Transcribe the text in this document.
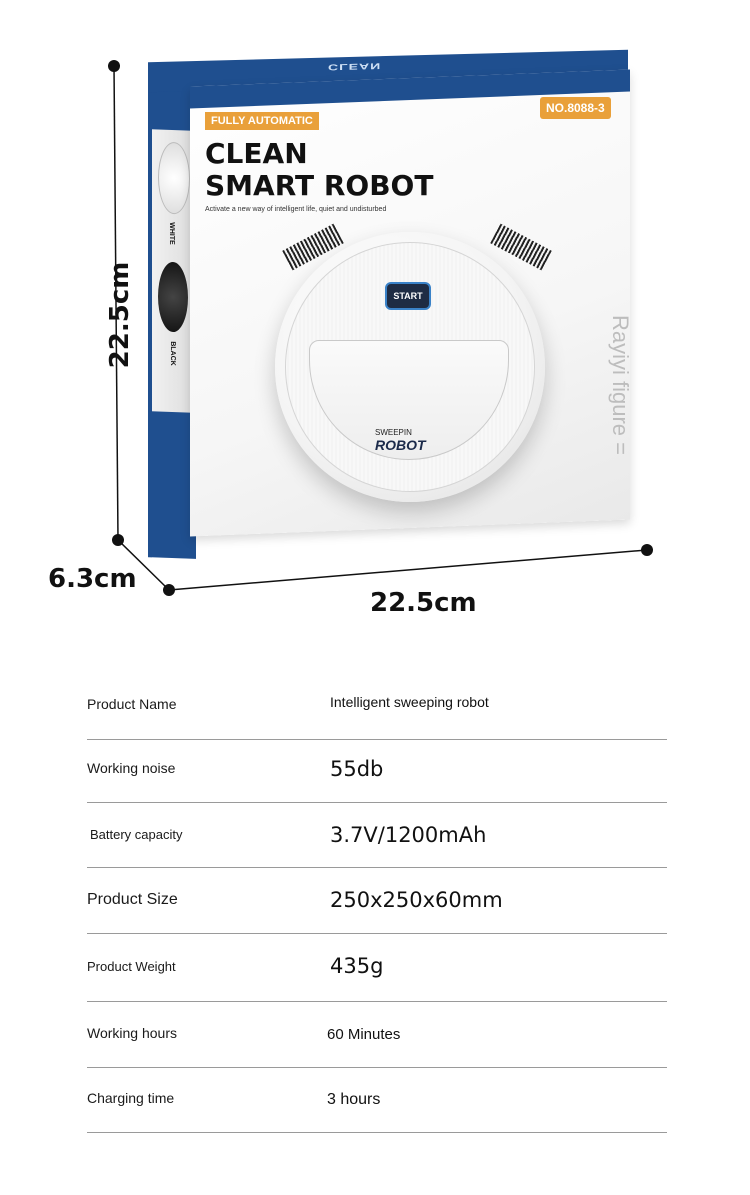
WHITE
BLACK
CLEAN
FULLY AUTOMATIC
NO.8088-3
CLEAN
SMART ROBOT
Activate a new way of intelligent life, quiet and undisturbed
Rayiyi figure =
START
SWEEPIN
ROBOT
22.5cm
6.3cm
22.5cm
Product Name	Intelligent sweeping robot
Working noise	55db
Battery capacity	3.7V/1200mAh
Product Size	250x250x60mm
Product Weight	435g
Working hours	60 Minutes
Charging time	3 hours
